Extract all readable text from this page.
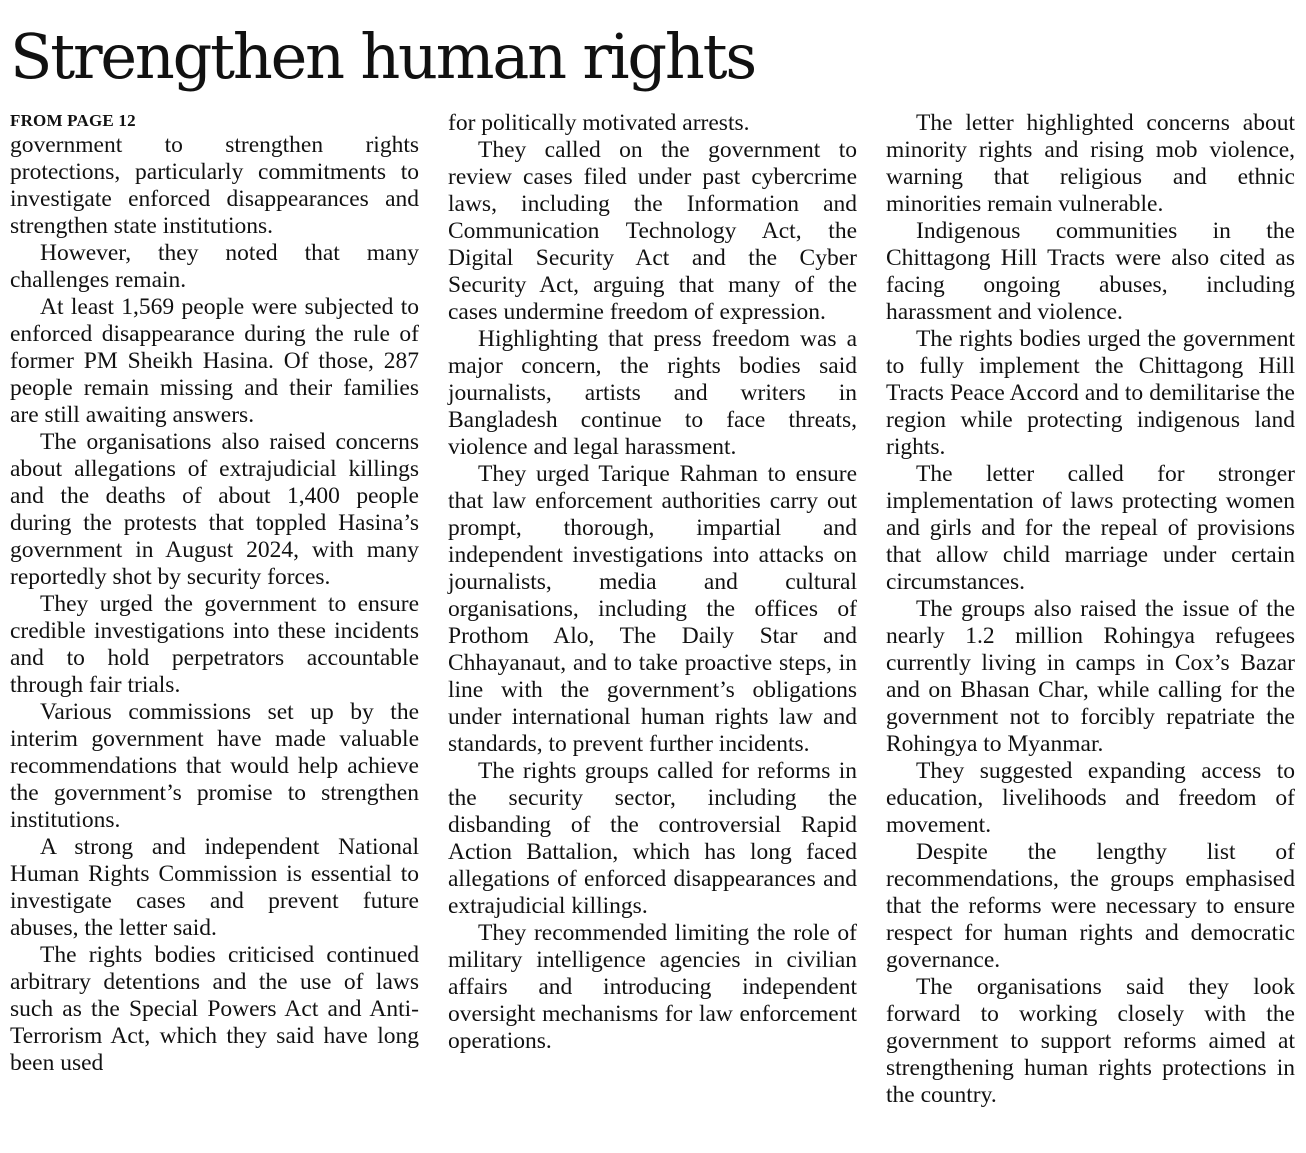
Strengthen human rights
FROM PAGE 12

government to strengthen rights protections, particularly commitments to investigate enforced disappearances and strengthen state institutions.

However, they noted that many challenges remain.

At least 1,569 people were subjected to enforced disappearance during the rule of former PM Sheikh Hasina. Of those, 287 people remain missing and their families are still awaiting answers.

The organisations also raised concerns about allegations of extrajudicial killings and the deaths of about 1,400 people during the protests that toppled Hasina’s government in August 2024, with many reportedly shot by security forces.

They urged the government to ensure credible investigations into these incidents and to hold perpetrators accountable through fair trials.

Various commissions set up by the interim government have made valuable recommendations that would help achieve the government’s promise to strengthen institutions.

A strong and independent National Human Rights Commission is essential to investigate cases and prevent future abuses, the letter said.

The rights bodies criticised continued arbitrary detentions and the use of laws such as the Special Powers Act and Anti-Terrorism Act, which they said have long been used

for politically motivated arrests.

They called on the government to review cases filed under past cybercrime laws, including the Information and Communication Technology Act, the Digital Security Act and the Cyber Security Act, arguing that many of the cases undermine freedom of expression.

Highlighting that press freedom was a major concern, the rights bodies said journalists, artists and writers in Bangladesh continue to face threats, violence and legal harassment.

They urged Tarique Rahman to ensure that law enforcement authorities carry out prompt, thorough, impartial and independent investigations into attacks on journalists, media and cultural organisations, including the offices of Prothom Alo, The Daily Star and Chhayanaut, and to take proactive steps, in line with the government’s obligations under international human rights law and standards, to prevent further incidents.

The rights groups called for reforms in the security sector, including the disbanding of the controversial Rapid Action Battalion, which has long faced allegations of enforced disappearances and extrajudicial killings.

They recommended limiting the role of military intelligence agencies in civilian affairs and introducing independent oversight mechanisms for law enforcement operations.

The letter highlighted concerns about minority rights and rising mob violence, warning that religious and ethnic minorities remain vulnerable.

Indigenous communities in the Chittagong Hill Tracts were also cited as facing ongoing abuses, including harassment and violence.

The rights bodies urged the government to fully implement the Chittagong Hill Tracts Peace Accord and to demilitarise the region while protecting indigenous land rights.

The letter called for stronger implementation of laws protecting women and girls and for the repeal of provisions that allow child marriage under certain circumstances.

The groups also raised the issue of the nearly 1.2 million Rohingya refugees currently living in camps in Cox’s Bazar and on Bhasan Char, while calling for the government not to forcibly repatriate the Rohingya to Myanmar.

They suggested expanding access to education, livelihoods and freedom of movement.

Despite the lengthy list of recommendations, the groups emphasised that the reforms were necessary to ensure respect for human rights and democratic governance.

The organisations said they look forward to working closely with the government to support reforms aimed at strengthening human rights protections in the country.
